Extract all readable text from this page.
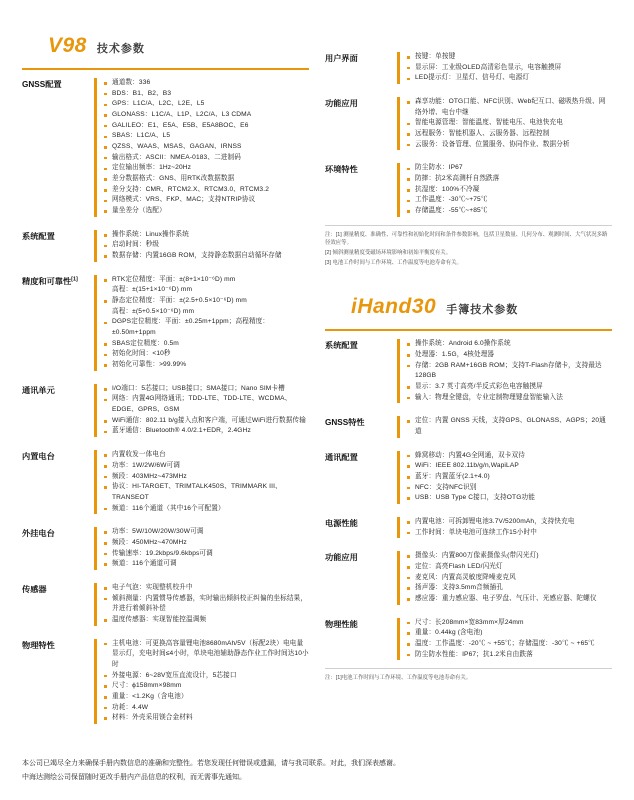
V98 技术参数
GNSS配置	通道数：336
BDS：B1、B2、B3
GPS：L1C/A、L2C、L2E、L5
GLONASS：L1C/A、L1P、L2C/A、L3 CDMA
GALILEO：E1、E5A、E5B、E5A8BOC、E6
SBAS：L1C/A、L5
QZSS、WAAS、MSAS、GAGAN、IRNSS
输出格式：ASCII：NMEA-0183、二进制码
定位输出频率：1Hz~20Hz
差分数据格式：GNS、用RTK改数据数据
差分支持：CMR、RTCM2.X、RTCM3.0、RTCM3.2
网络模式：VRS、FKP、MAC；支持NTRIP协议
量坐差分（选配）
系统配置	操作系统：Linux操作系统
启动时间：秒级
数据存储：内置16GB ROM，支持静态数据自动循环存储
精度和可靠性[1]	RTK定位精度：平面：±(8+1×10⁻⁶D) mm
高程：±(15+1×10⁻⁶D) mm
静态定位精度：平面：±(2.5+0.5×10⁻⁶D) mm
高程：±(5+0.5×10⁻⁶D) mm
DGPS定位精度：平面：±0.25m+1ppm；高程精度：±0.50m+1ppm
SBAS定位精度：0.5m
初始化时间：<10秒
初始化可靠性：>99.99%
通讯单元	I/O端口：5芯接口；USB接口；SMA接口；Nano SIM卡槽
网络：内置4G网络通讯；TDD-LTE、TDD-LTE、WCDMA、EDGE、GPRS、GSM
WiFi通信：802.11 b/g接入点和客户端，可通过WiFi进行数据传输
蓝牙通信：Bluetooth® 4.0/2.1+EDR，2.4GHz
内置电台	内置收发一体电台
功率：1W/2W/6W可调
频段：403MHz~473MHz
协议：HI-TARGET、TRIMTALK450S、TRIMMARK III、TRANSEOT
频道：116个通道（其中16个可配置）
外挂电台	功率：5W/10W/20W/30W可调
频段：450MHz~470MHz
传输速率：19.2kbps/9.6kbps可调
频道：116个通道可调
传感器	电子气泡：实现整机校升中
倾斜测量：内置惯导传感器，实时输出倾斜校正纠偏的坐标结果，并进行着倾斜补偿
温度传感器：实现智能控温调频
物理特性	主机电池：可更换高容量锂电池8680mAh/5V（标配2块）电电量显示灯，充电时间≤4小时，单块电池辅助静态作业工作时间达10小时
外接电源：6~28V宽压直流设计，5芯接口
尺寸：ϕ158mm×98mm
重量：<1.2Kg（含电池）
功耗：4.4W
材料：外壳采用镁合金材料
用户界面	按键：单按键
显示屏：工业级OLED高清彩色显示，电容触摸屏
LED提示灯：卫星灯、信号灯、电源灯
功能应用	森享功能：OTG口能、NFC识别、Web纪互口、磁吸热升级、网络外增、电台中继
智能电源管理：智能温度、智能电压、电池快充电
远程服务：智能机器人、云服务器、远程控制
云服务：设备管理、位置服务、协同作业、数据分析
环境特性	防尘防水：IP67
防摔：抗2米高测杆自然跌落
抗湿度：100%不冷凝
工作温度：-30℃~+75℃
存储温度：-55℃~+85℃

注：[1] 测量精度、准确性、可靠性和初始化时间和条件参数影响，包括卫星数量、几何分布、观测时间、大气状况多路径效应等。

[2] 倾斜测量精度受磁场环境影响和初始平衡度有关。

[3] 电池工作时间与工作环境、工作温度等电池寿命有关。

iHand30 手簿技术参数
系统配置	操作系统：Android 6.0操作系统
处理器：1.5G，4核处理器
存储：2GB RAM+16GB ROM；支持T-Flash存储卡，支持最达128GB
显示：3.7 英寸高亮/半反式彩色电容触摸屏
输入：物理全键盘，专业定制物理键盘智能输入法
GNSS特性	定位：内置 GNSS 天线，支持GPS、GLONASS、AGPS；20通道
通讯配置	蜂窝移动：内置4G全网通，双卡双待
WiFi：IEEE 802.11b/g/n,WapiLAP
蓝牙：内置蓝牙(2.1+4.0)
NFC：支持NFC识别
USB：USB Type C接口，支持OTG功能
电源性能	内置电池：可拆卸锂电池3.7V/5200mAh，支持快充电
工作时间：单块电池可连续工作15小时中
功能应用	摄像头：内置800万像素摄像头(带闪光灯)
定位：高亮Flash LED/闪光灯
麦克风：内置高灵敏度降噪麦克风
扬声器：支持3.5mm音频插孔
感应器：重力感应器、电子罗盘、气压计、光感应器、陀螺仪
物理性能	尺寸：长208mm×宽83mm×厚24mm
重量：0.44kg (含电池)
温度：工作温度：-20℃ ~ +55℃；存储温度：-30℃ ~ +65℃
防尘防水性能：IP67；抗1.2米自由跌落

注：[1]电池工作时间与工作环境、工作温度等电池寿命有关。

本公司已竭尽全力来确保手册内数信息的准确和完整性。若您发现任何错误或遗漏，请与我司联系。对此，我们深表感谢。

中海达测绘公司保留随时更改手册内产品信息的权利，而无需事先通知。
